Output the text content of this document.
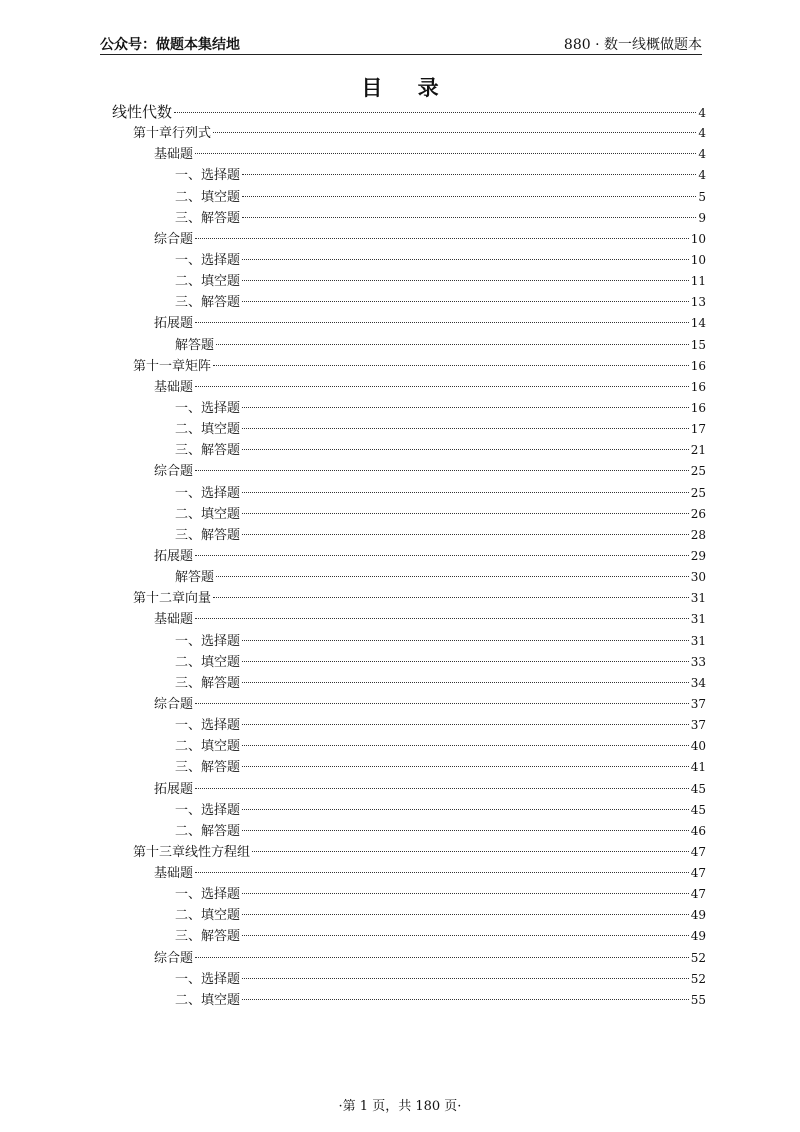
公众号：做题本集结地	880 · 数一线概做题本
目 录
线性代数	4
第十章行列式	4
基础题	4
一、选择题	4
二、填空题	5
三、解答题	9
综合题	10
一、选择题	10
二、填空题	11
三、解答题	13
拓展题	14
解答题	15
第十一章矩阵	16
基础题	16
一、选择题	16
二、填空题	17
三、解答题	21
综合题	25
一、选择题	25
二、填空题	26
三、解答题	28
拓展题	29
解答题	30
第十二章向量	31
基础题	31
一、选择题	31
二、填空题	33
三、解答题	34
综合题	37
一、选择题	37
二、填空题	40
三、解答题	41
拓展题	45
一、选择题	45
二、解答题	46
第十三章线性方程组	47
基础题	47
一、选择题	47
二、填空题	49
三、解答题	49
综合题	52
一、选择题	52
二、填空题	55
·第 1 页，共 180 页·
